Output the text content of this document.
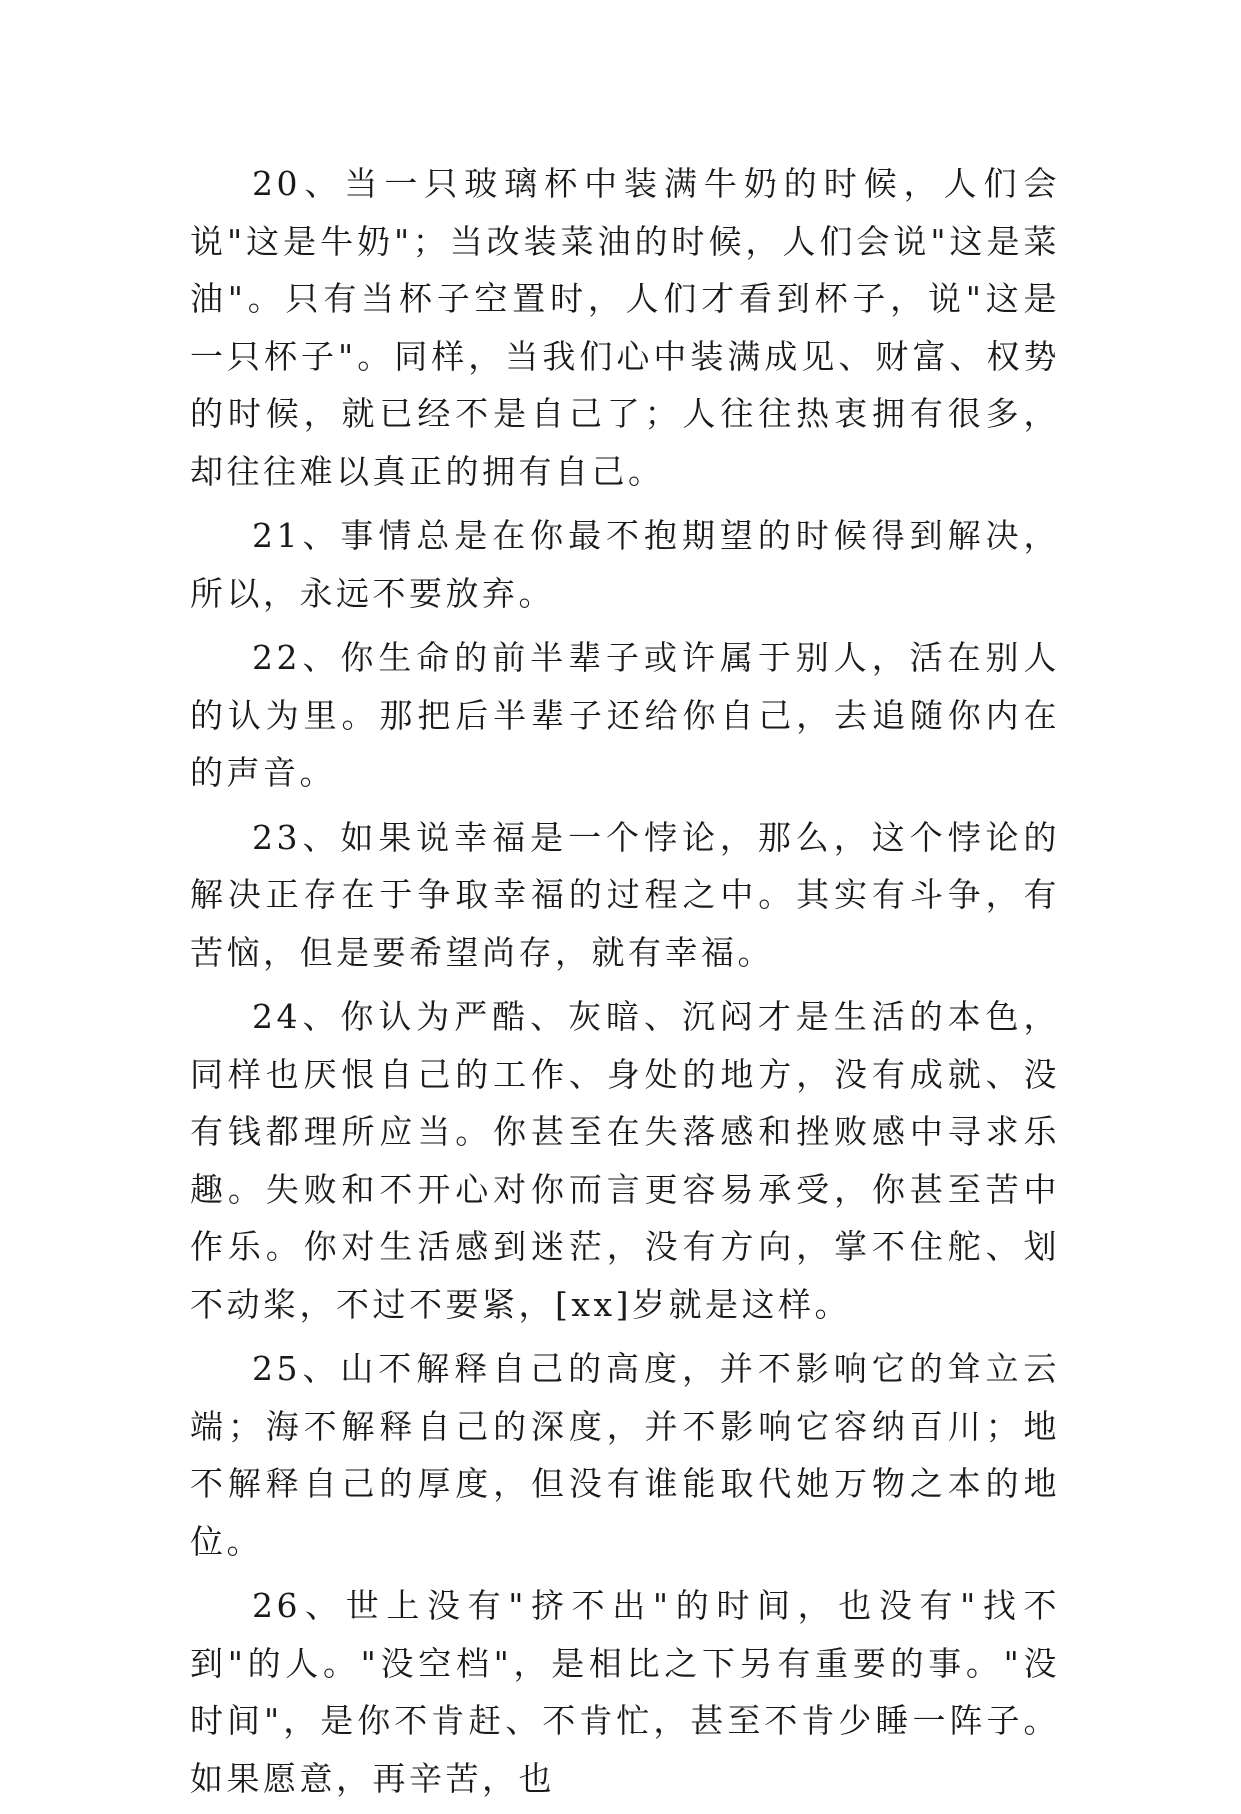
20、当一只玻璃杯中装满牛奶的时候，人们会说"这是牛奶"；当改装菜油的时候，人们会说"这是菜油"。只有当杯子空置时，人们才看到杯子，说"这是一只杯子"。同样，当我们心中装满成见、财富、权势的时候，就已经不是自己了；人往往热衷拥有很多，却往往难以真正的拥有自己。

21、事情总是在你最不抱期望的时候得到解决，所以，永远不要放弃。

22、你生命的前半辈子或许属于别人，活在别人的认为里。那把后半辈子还给你自己，去追随你内在的声音。

23、如果说幸福是一个悖论，那么，这个悖论的解决正存在于争取幸福的过程之中。其实有斗争，有苦恼，但是要希望尚存，就有幸福。

24、你认为严酷、灰暗、沉闷才是生活的本色，同样也厌恨自己的工作、身处的地方，没有成就、没有钱都理所应当。你甚至在失落感和挫败感中寻求乐趣。失败和不开心对你而言更容易承受，你甚至苦中作乐。你对生活感到迷茫，没有方向，掌不住舵、划不动桨，不过不要紧，[xx]岁就是这样。

25、山不解释自己的高度，并不影响它的耸立云端；海不解释自己的深度，并不影响它容纳百川；地不解释自己的厚度，但没有谁能取代她万物之本的地位。

26、世上没有"挤不出"的时间，也没有"找不到"的人。"没空档"，是相比之下另有重要的事。"没时间"，是你不肯赶、不肯忙，甚至不肯少睡一阵子。如果愿意，再辛苦，也
